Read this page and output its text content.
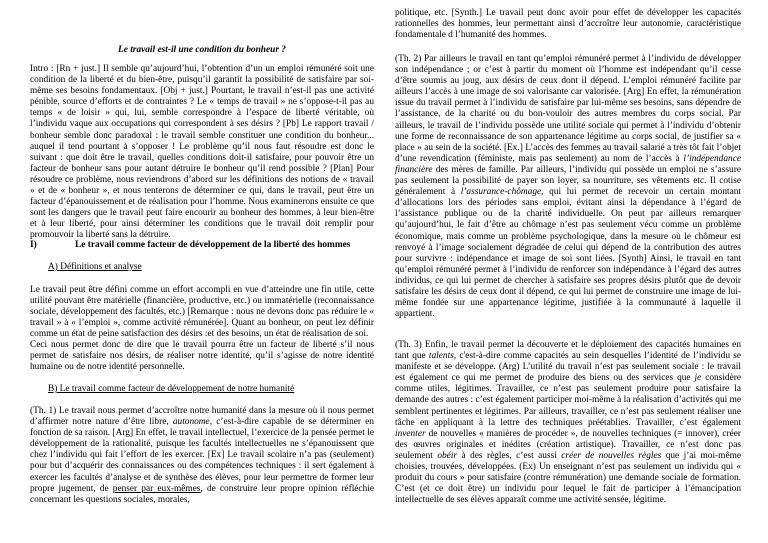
Le travail est-il une condition du bonheur ?

Intro : [Rn + just.] Il semble qu’aujourd’hui, l’obtention d’un un emploi rémunéré soit une condition de la liberté et du bien-être, puisqu’il garantit la possibilité de satisfaire par soi-même ses besoins fondamentaux. [Obj + just.] Pourtant, le travail n’est-il pas une activité pénible, source d’efforts et de contraintes ? Le « temps de travail » ne s’oppose-t-il pas au temps « de loisir » qui, lui, semble correspondre à l’espace de liberté véritable, où l’individu vaque aux occupations qui correspondent à ses désirs ? [Pb] Le rapport travail / bonheur semble donc paradoxal : le travail semble constituer une condition du bonheur... auquel il tend pourtant à s’opposer ! Le problème qu’il nous faut résoudre est donc le suivant : que doit être le travail, quelles conditions doit-il satisfaire, pour pouvoir être un facteur de bonheur sans pour autant détruire le bonheur qu’il rend possible ? [Plan] Pour résoudre ce problème, nous reviendrons d’abord sur les définitions des notions de « travail » et de « bonheur », et nous tenterons de déterminer ce qui, dans le travail, peut être un facteur d’épanouissement et de réalisation pour l’homme. Nous examinerons ensuite ce que sont les dangers que le travail peut faire encourir au bonheur des hommes, à leur bien-être et à leur liberté, pour ainsi déterminer les conditions que le travail doit remplir pour promouvoir la liberté sans la détruire.

I)	Le travail comme facteur de développement de la liberté des hommes
A) Définitions et analyse

Le travail peut être défini comme un effort accompli en vue d’atteindre une fin utile, cette utilité pouvant être matérielle (financière, productive, etc.) ou immatérielle (reconnaissance sociale, développement des facultés, etc.) [Remarque : nous ne devons donc pas réduire le « travail » à « l’emploi », comme activité rémunérée]. Quant au bonheur, on peut lez définir comme un état de peine satisfaction des désirs :et des besoins, un état de réalisation de soi.

Ceci nous permet donc de dire que le travail pourra être un facteur de liberté s’il nous permet de satisfaire nos désirs, de réaliser notre identité, qu’il s’agisse de notre identité humaine ou de notre identité personnelle.

B) Le travail comme facteur de développement de notre humanité

(Th. 1) Le travail nous permet d’accroître notre humanité dans la mesure où il nous permet d’affirmer notre nature d’être libre, autonome, c’est-à-dire capable de se déterminer en fonction de sa raison. [Arg] En effet, le travail intellectuel, l’exercice de la pensée permet le développement de la rationalité, puisque les facultés intellectuelles ne s’épanouissent que chez l’individu qui fait l’effort de les exercer. [Ex] Le travail scolaire n’a pas (seulement) pour but d’acquérir des connaissances ou des compétences techniques : il sert également à exercer les facultés d’analyse et de synthèse des élèves, pour leur permettre de former leur propre jugement, de penser par eux-mêmes, de construire leur propre opinion réfléchie concernant les questions sociales, morales,

politique, etc. [Synth.] Le travail peut donc avoir pour effet de développer les capacités rationnelles des hommes, leur permettant ainsi d’accroître leur autonomie, caractéristique fondamentale d l’humanité des hommes.

(Th. 2) Par ailleurs le travail en tant qu’emploi rémunéré permet à l’individu de développer son indépendance ; or c’est à partir du moment où l’homme est indépendant qu’il cesse d’être soumis au joug, aux désirs de ceux dont il dépend. L’emploi rémunéré facilite par ailleurs l’accès à une image de soi valorisante car valorisée. [Arg] En effet, la rémunération issue du travail permet à l’individu de satisfaire par lui-même ses besoins, sans dépendre de l’assistance, de la charité ou du bon-vouloir des autres membres du corps social. Par ailleurs, le travail de l’individu possède une utilité sociale qui permet à l’individu d’obtenir une forme de reconnaissance de son appartenance légitime au corps social, de justifier sa « place » au sein de la société. [Ex.] L’accès des femmes au travail salarié a très tôt fait l’objet d’une revendication (féministe, mais pas seulement) au nom de l’accès à l’indépendance financière des mères de famille. Par ailleurs, l’individu qui possède un emploi ne s’assure pas seulement la possibilité de payer son loyer, sa nourriture, ses vêtements etc. Il cotise généralement à l’assurance-chômage, qui lui permet de recevoir un certain montant d’allocations lors des périodes sans emploi, évitant ainsi la dépendance à l’égard de l’assistance publique ou de la charité individuelle. On peut par ailleurs remarquer qu’aujourd’hui, le fait d’être au chômage n’est pas seulement vécu comme un problème économique, mais comme un problème psychologique, dans la mesure où le chômeur est renvoyé à l’image socialement dégradée de celui qui dépend de la contribution des autres pour survivre : indépendance et image de soi sont liées. [Synth] Ainsi, le travail en tant qu’emploi rémunéré permet à l’individu de renforcer son indépendance à l’égard des autres individus, ce qui lui permet de chercher à satisfaire ses propres désirs plutôt que de devoir satisfaire les désirs de ceux dont il dépend, ce qui lui permet de construire une image de lui-même fondée sur une appartenance légitime, justifiée à la communauté à laquelle il appartient.

(Th. 3) Enfin, le travail permet la découverte et le déploiement des capacités humaines en tant que talents, c'est-à-dire comme capacités au sein desquelles l’identité de l’individu se manifeste et se développe. (Arg) L’utilité du travail n’est pas seulement sociale : le travail est également ce qui me permet de produire des biens ou des services que je considère comme utiles, légitimes. Travailler, ce n’est pas seulement produire pour satisfaire la demande des autres : c’est également participer moi-même à la réalisation d’activités qui me semblent pertinentes et légitimes. Par ailleurs, travailler, ce n’est pas seulement réaliser une tâche en appliquant à la lettre des techniques préétablies. Travailler, c’est également inventer de nouvelles « manières de procéder », de nouvelles techniques (= innover), créer des œuvres originales et inédites (création artistique). Travailler, ce n’est donc pas seulement obéir à des règles, c’est aussi créer de nouvelles règles que j’ai moi-même choisies, trouvées, développées. (Ex) Un enseignant n’est pas seulement un individu qui « produit du cours » pour satisfaire (contre rémunération) une demande sociale de formation. C’est (et ce doit être) un individu pour lequel le fait de participer à l’émancipation intellectuelle de ses élèves apparaît comme une activité sensée, légitime.
